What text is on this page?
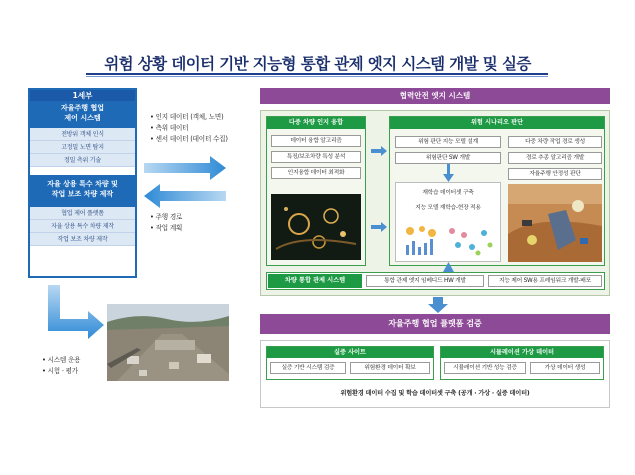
위험 상황 데이터 기반 지능형 통합 관제 엣지 시스템 개발 및 실증
1세부
자율주행 협업
제어 시스템
전방위 객체 인식
고정밀 노면 탐지
정밀 측위 기술
자율 상용 특수 차량 및
작업 보조 차량 제작
협업 제어 플랫폼
자율 상용 특수 차량 제작
작업 보조 차량 제작
• 인지 데이터 (객체, 노면)
• 측위 데이터
• 센서 데이터 (데이터 수집)
• 주행 경로
• 작업 계획
• 시스템 운용
• 시험 · 평가
협력안전 엣지 시스템
다중 차량 인지 융합
데이터 융합 알고리즘
특징/보조차량 특성 분석
인지융합 데이터 최적화
위험 시나리오 판단
위험 판단 지능 모델 설계
위험판단 SW 개발
다중 차량 작업 경로 생성
경로 추종 알고리즘 개발
자율주행 안정성 판단
재학습 데이터셋 구축
지능 모델 재학습-현장 적용
차량 통합 관제 시스템	통합 관제 엣지 임베디드 HW 개발	지능 제어 SW용 프레임워크 개발-배포
자율주행 협업 플랫폼 검증
실증 사이트
실증 기반 시스템 검증	위험환경 데이터 확보
시뮬레이션 가상 데이터
시뮬레이션 기반 성능 검증	가상 데이터 생성
위험환경 데이터 수집 및 학습 데이터셋 구축 (공개 · 가상 · 실증 데이터)
